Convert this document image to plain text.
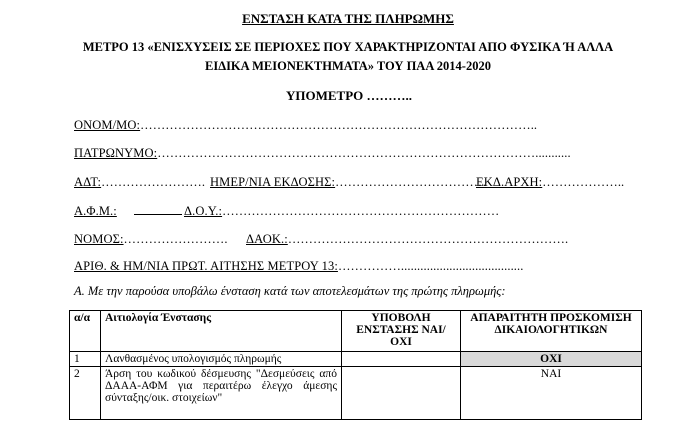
ΕΝΣΤΑΣΗ ΚΑΤΑ ΤΗΣ ΠΛΗΡΩΜΗΣ
ΜΕΤΡΟ 13 «ΕΝΙΣΧΥΣΕΙΣ ΣΕ ΠΕΡΙΟΧΕΣ ΠΟΥ ΧΑΡΑΚΤΗΡΙΖΟΝΤΑΙ ΑΠΟ ΦΥΣΙΚΑ Ή ΑΛΛΑ
ΕΙΔΙΚΑ ΜΕΙΟΝΕΚΤΗΜΑΤΑ» ΤΟΥ ΠΑΑ 2014-2020
ΥΠΟΜΕΤΡΟ ………..
ΟΝΟΜ/ΜΟ:…………………………………………………………………………………..
ΠΑΤΡΩΝΥΜΟ:………………………………………………………………………………...........
ΑΔΤ:……………………. ΗΜΕΡ/ΝΙΑ ΕΚΔΟΣΗΣ:………………………………
ΕΚΔ.ΑΡΧΗ:………………..
Α.Φ.Μ.:	Δ.Ο.Υ.:…………………………………………………………
ΝΟΜΟΣ:……………………. ΔΑΟΚ.:………………………………………………………….
ΑΡΙΘ. & ΗΜ/ΝΙΑ ΠΡΩΤ. ΑΙΤΗΣΗΣ ΜΕΤΡΟΥ 13:……………......................................
Α. Με την παρούσα υποβάλω ένσταση κατά των αποτελεσμάτων της πρώτης πληρωμής:
α/α	Αιτιολογία Ένστασης	ΥΠΟΒΟΛΗ ΕΝΣΤΑΣΗΣ ΝΑΙ/ΟΧΙ	ΑΠΑΡΑΙΤΗΤΗ ΠΡΟΣΚΟΜΙΣΗ ΔΙΚΑΙΟΛΟΓΗΤΙΚΩΝ
1	Λανθασμένος υπολογισμός πληρωμής		ΟΧΙ
2	Άρση του κωδικού δέσμευσης "Δεσμεύσεις από ΔΑΑΑ-ΑΦΜ για περαιτέρω έλεγχο άμεσης σύνταξης/οικ. στοιχείων"		ΝΑΙ
